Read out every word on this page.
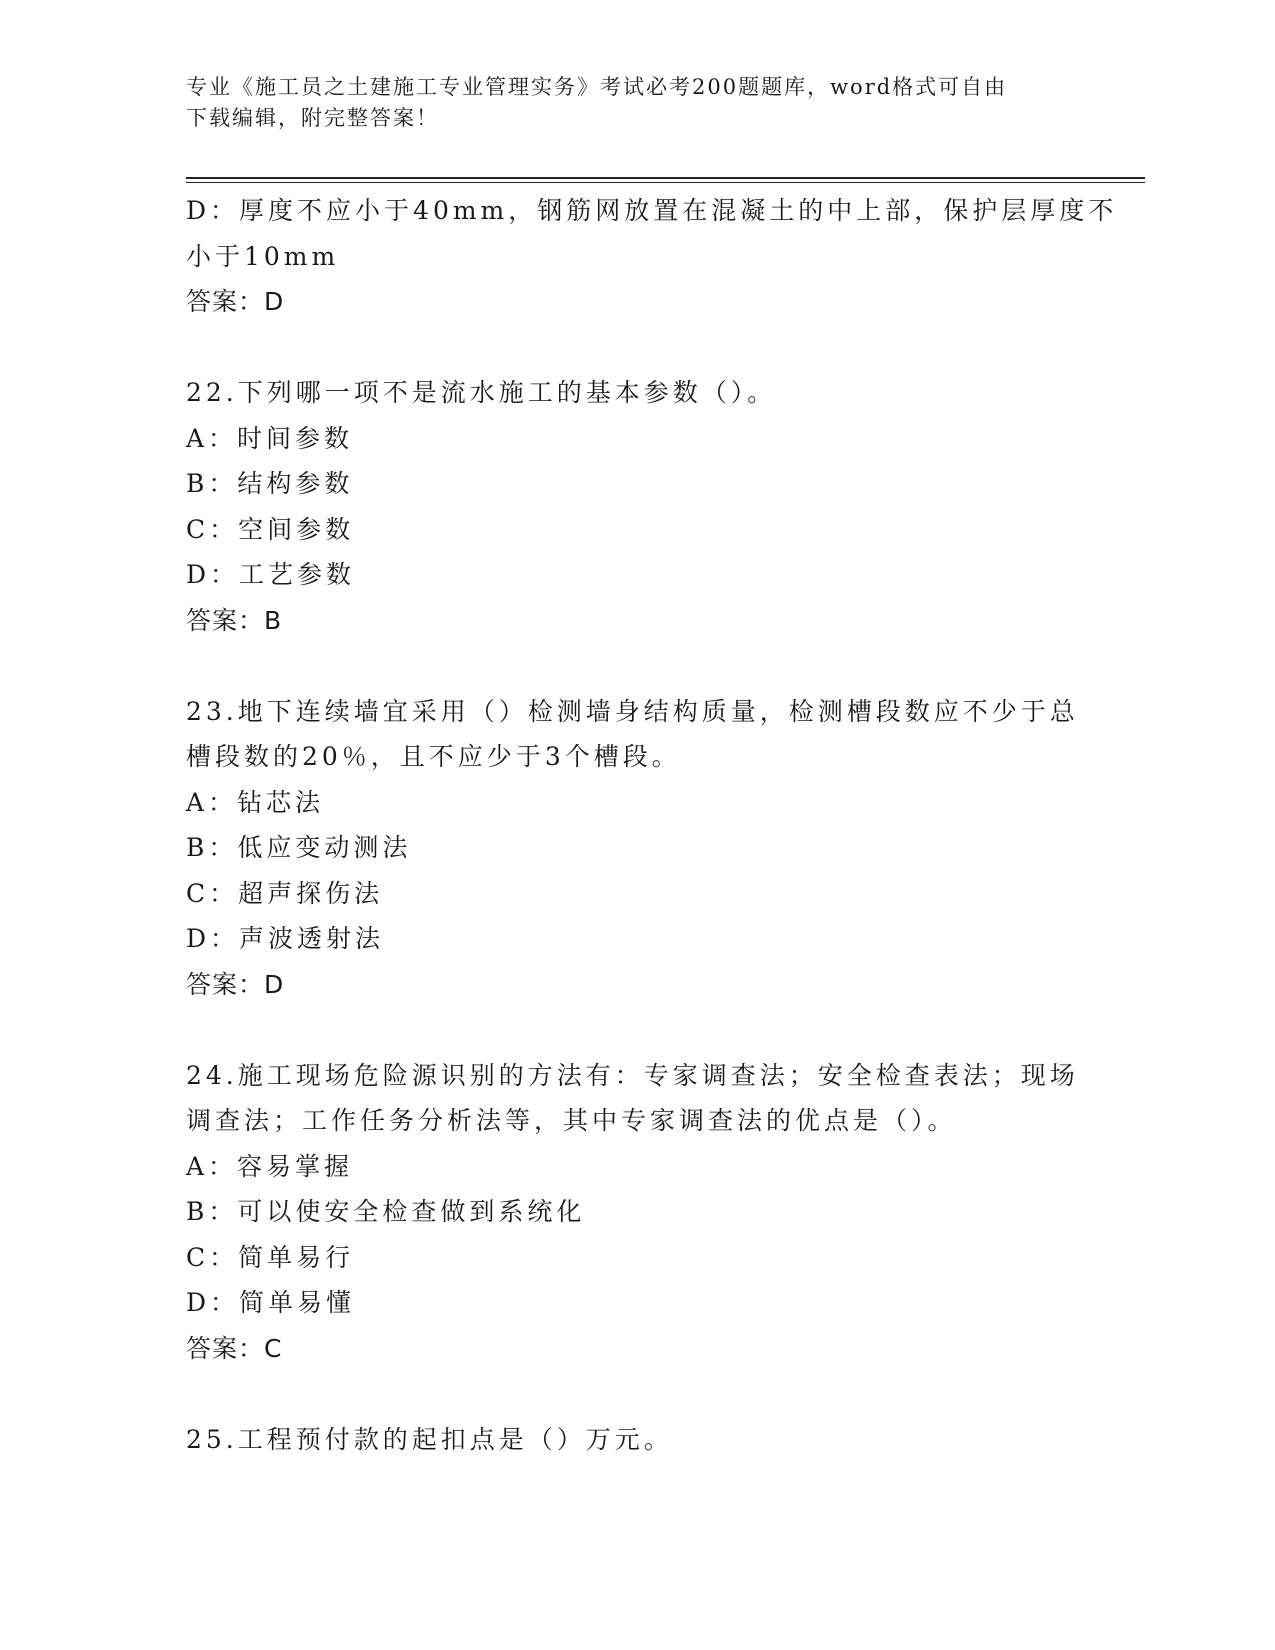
专业《施工员之土建施工专业管理实务》考试必考200题题库，word格式可自由
下载编辑，附完整答案！
D：厚度不应小于40mm，钢筋网放置在混凝土的中上部，保护层厚度不
小于10mm
答案：D
22.下列哪一项不是流水施工的基本参数（）。
A：时间参数
B：结构参数
C：空间参数
D：工艺参数
答案：B
23.地下连续墙宜采用（）检测墙身结构质量，检测槽段数应不少于总
槽段数的20％，且不应少于3个槽段。
A：钻芯法
B：低应变动测法
C：超声探伤法
D：声波透射法
答案：D
24.施工现场危险源识别的方法有：专家调查法；安全检查表法；现场
调查法；工作任务分析法等，其中专家调查法的优点是（）。
A：容易掌握
B：可以使安全检查做到系统化
C：简单易行
D：简单易懂
答案：C
25.工程预付款的起扣点是（）万元。
